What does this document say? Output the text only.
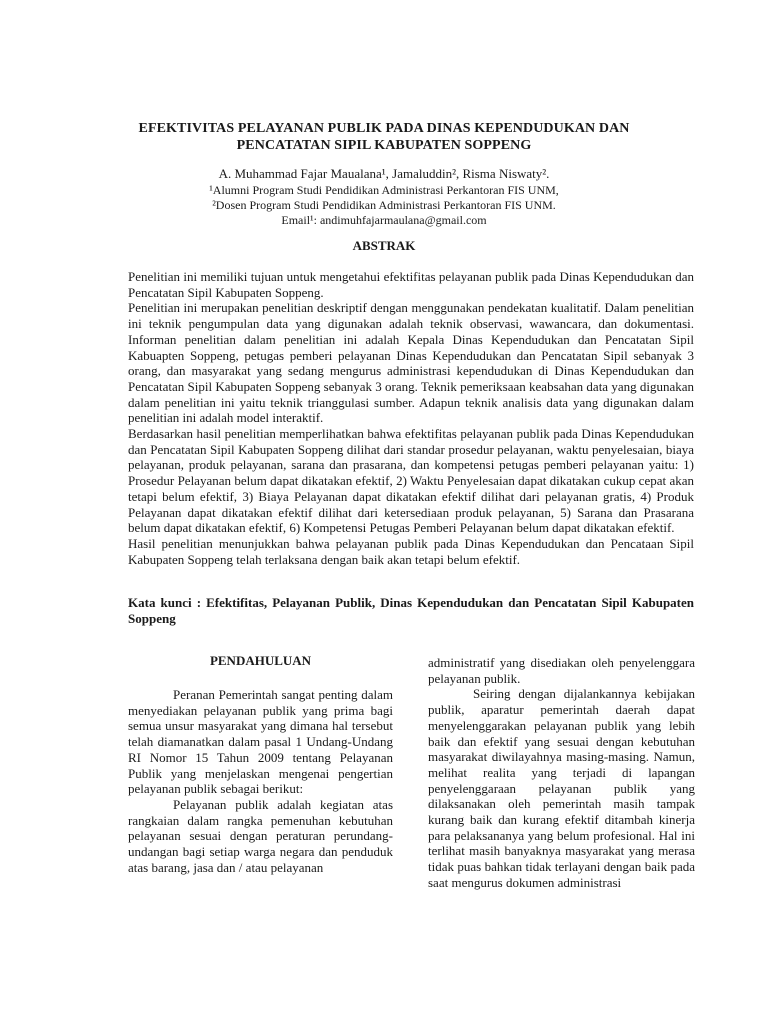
EFEKTIVITAS PELAYANAN PUBLIK PADA DINAS KEPENDUDUKAN DAN
PENCATATAN SIPIL KABUPATEN SOPPENG
A. Muhammad Fajar Maualana¹, Jamaluddin², Risma Niswaty².
¹Alumni Program Studi Pendidikan Administrasi Perkantoran FIS UNM,
²Dosen Program Studi Pendidikan Administrasi Perkantoran FIS UNM.
Email¹: andimuhfajarmaulana@gmail.com
ABSTRAK

Penelitian ini memiliki tujuan untuk mengetahui efektifitas pelayanan publik pada Dinas Kependudukan dan Pencatatan Sipil Kabupaten Soppeng.

Penelitian ini merupakan penelitian deskriptif dengan menggunakan pendekatan kualitatif. Dalam penelitian ini teknik pengumpulan data yang digunakan adalah teknik observasi, wawancara, dan dokumentasi. Informan penelitian dalam penelitian ini adalah Kepala Dinas Kependudukan dan Pencatatan Sipil Kabuapten Soppeng, petugas pemberi pelayanan Dinas Kependudukan dan Pencatatan Sipil sebanyak 3 orang, dan masyarakat yang sedang mengurus administrasi kependudukan di Dinas Kependudukan dan Pencatatan Sipil Kabupaten Soppeng sebanyak 3 orang. Teknik pemeriksaan keabsahan data yang digunakan dalam penelitian ini yaitu teknik trianggulasi sumber. Adapun teknik analisis data yang digunakan dalam penelitian ini adalah model interaktif.

Berdasarkan hasil penelitian memperlihatkan bahwa efektifitas pelayanan publik pada Dinas Kependudukan dan Pencatatan Sipil Kabupaten Soppeng dilihat dari standar prosedur pelayanan, waktu penyelesaian, biaya pelayanan, produk pelayanan, sarana dan prasarana, dan kompetensi petugas pemberi pelayanan yaitu: 1) Prosedur Pelayanan belum dapat dikatakan efektif, 2) Waktu Penyelesaian dapat dikatakan cukup cepat akan tetapi belum efektif, 3) Biaya Pelayanan dapat dikatakan efektif dilihat dari pelayanan gratis, 4) Produk Pelayanan dapat dikatakan efektif dilihat dari ketersediaan produk pelayanan, 5) Sarana dan Prasarana belum dapat dikatakan efektif, 6) Kompetensi Petugas Pemberi Pelayanan belum dapat dikatakan efektif.

Hasil penelitian menunjukkan bahwa pelayanan publik pada Dinas Kependudukan dan Pencataan Sipil Kabupaten Soppeng telah terlaksana dengan baik akan tetapi belum efektif.

Kata kunci : Efektifitas, Pelayanan Publik, Dinas Kependudukan dan Pencatatan Sipil Kabupaten Soppeng
PENDAHULUAN

Peranan Pemerintah sangat penting dalam menyediakan pelayanan publik yang prima bagi semua unsur masyarakat yang dimana hal tersebut telah diamanatkan dalam pasal 1 Undang-Undang RI Nomor 15 Tahun 2009 tentang Pelayanan Publik yang menjelaskan mengenai pengertian pelayanan publik sebagai berikut:

Pelayanan publik adalah kegiatan atas rangkaian dalam rangka pemenuhan kebutuhan pelayanan sesuai dengan peraturan perundang-undangan bagi setiap warga negara dan penduduk atas barang, jasa dan / atau pelayanan

administratif yang disediakan oleh penyelenggara pelayanan publik.

Seiring dengan dijalankannya kebijakan publik, aparatur pemerintah daerah dapat menyelenggarakan pelayanan publik yang lebih baik dan efektif yang sesuai dengan kebutuhan masyarakat diwilayahnya masing-masing. Namun, melihat realita yang terjadi di lapangan penyelenggaraan pelayanan publik yang dilaksanakan oleh pemerintah masih tampak kurang baik dan kurang efektif ditambah kinerja para pelaksananya yang belum profesional. Hal ini terlihat masih banyaknya masyarakat yang merasa tidak puas bahkan tidak terlayani dengan baik pada saat mengurus dokumen administrasi
